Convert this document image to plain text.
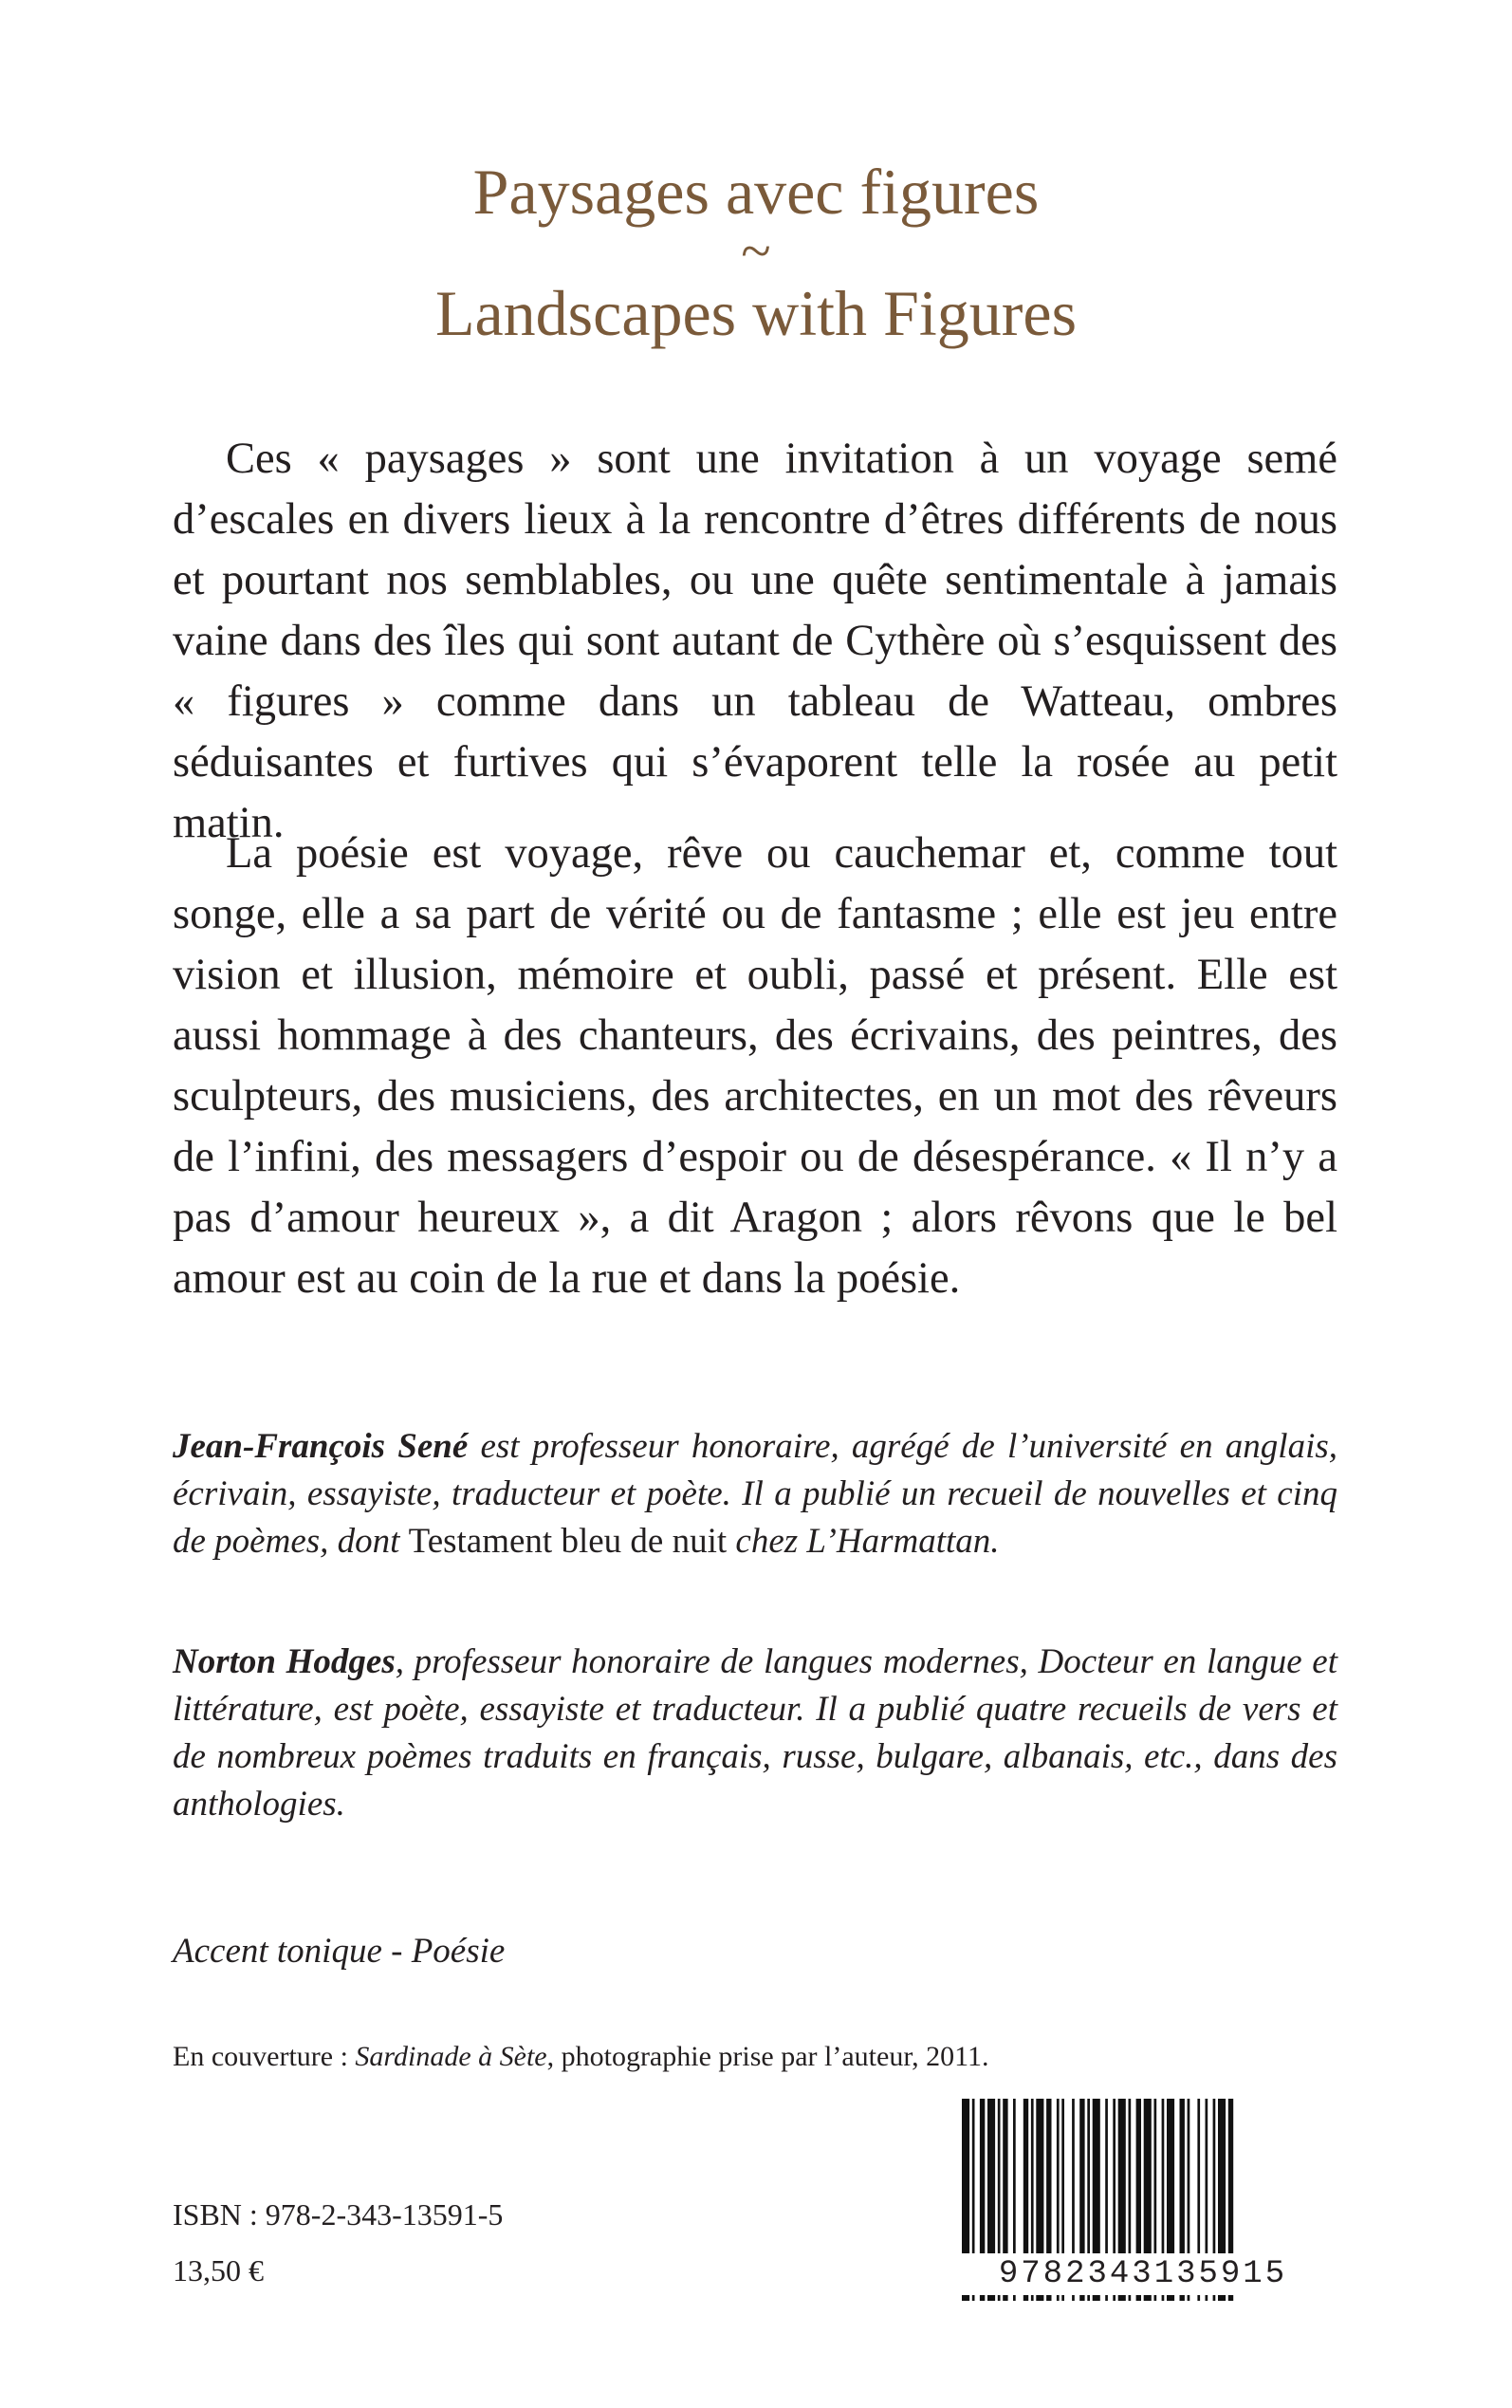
Paysages avec figures
~
Landscapes with Figures

Ces « paysages » sont une invitation à un voyage semé d’escales en divers lieux à la rencontre d’êtres différents de nous et pourtant nos semblables, ou une quête sentimentale à jamais vaine dans des îles qui sont autant de Cythère où s’esquissent des « figures » comme dans un tableau de Watteau, ombres séduisantes et furtives qui s’évaporent telle la rosée au petit matin.

La poésie est voyage, rêve ou cauchemar et, comme tout songe, elle a sa part de vérité ou de fantasme ; elle est jeu entre vision et illusion, mémoire et oubli, passé et présent. Elle est aussi hommage à des chanteurs, des écrivains, des peintres, des sculpteurs, des musiciens, des architectes, en un mot des rêveurs de l’infini, des messagers d’espoir ou de désespérance. « Il n’y a pas d’amour heureux », a dit Aragon ; alors rêvons que le bel amour est au coin de la rue et dans la poésie.

Jean-François Sené est professeur honoraire, agrégé de l’université en anglais, écrivain, essayiste, traducteur et poète. Il a publié un recueil de nouvelles et cinq de poèmes, dont Testament bleu de nuit chez L’Harmattan.
Norton Hodges, professeur honoraire de langues modernes, Docteur en langue et littérature, est poète, essayiste et traducteur. Il a publié quatre recueils de vers et de nombreux poèmes traduits en français, russe, bulgare, albanais, etc., dans des anthologies.
Accent tonique - Poésie
En couverture : Sardinade à Sète, photographie prise par l’auteur, 2011.
ISBN : 978-2-343-13591-5
13,50 €	9782343135915
